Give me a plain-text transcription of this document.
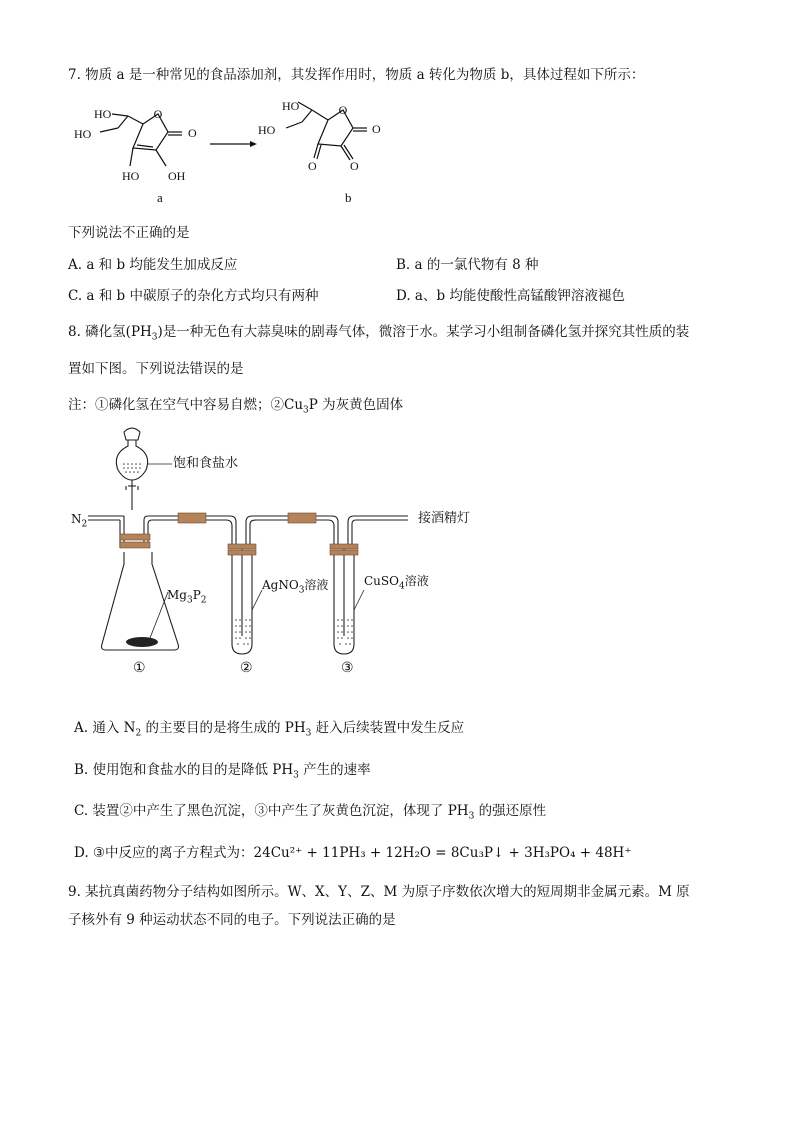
7. 物质 a 是一种常见的食品添加剂，其发挥作用时，物质 a 转化为物质 b，具体过程如下所示：
O
O
HO
HO
HO OH
O
O
HO
HO
O	O
a	b
下列说法不正确的是
A. a 和 b 均能发生加成反应	B. a 的一氯代物有 8 种
C. a 和 b 中碳原子的杂化方式均只有两种	D. a、b 均能使酸性高锰酸钾溶液褪色
8. 磷化氢$(PH_3)$是一种无色有大蒜臭味的剧毒气体，微溶于水。某学习小组制备磷化氢并探究其性质的装
置如下图。下列说法错误的是
注：①磷化氢在空气中容易自燃；$②Cu_3P$ 为灰黄色固体
饱和食盐水
$N_2$	接酒精灯
$Mg_3P_2$
AgNO$_3$溶液	CuSO$_4$溶液
①	②	③
A. 通入 $N_2$ 的主要目的是将生成的 $PH_3$ 赶入后续装置中发生反应
B. 使用饱和食盐水的目的是降低 $PH_3$ 产生的速率
C. 装置②中产生了黑色沉淀，③中产生了灰黄色沉淀，体现了 $PH_3$ 的强还原性
D. ③中反应的离子方程式为：24Cu²⁺ + 11PH₃ + 12H₂O = 8Cu₃P↓ + 3H₃PO₄ + 48H⁺
9. 某抗真菌药物分子结构如图所示。W、X、Y、Z、M 为原子序数依次增大的短周期非金属元素。M 原
子核外有 9 种运动状态不同的电子。下列说法正确的是
